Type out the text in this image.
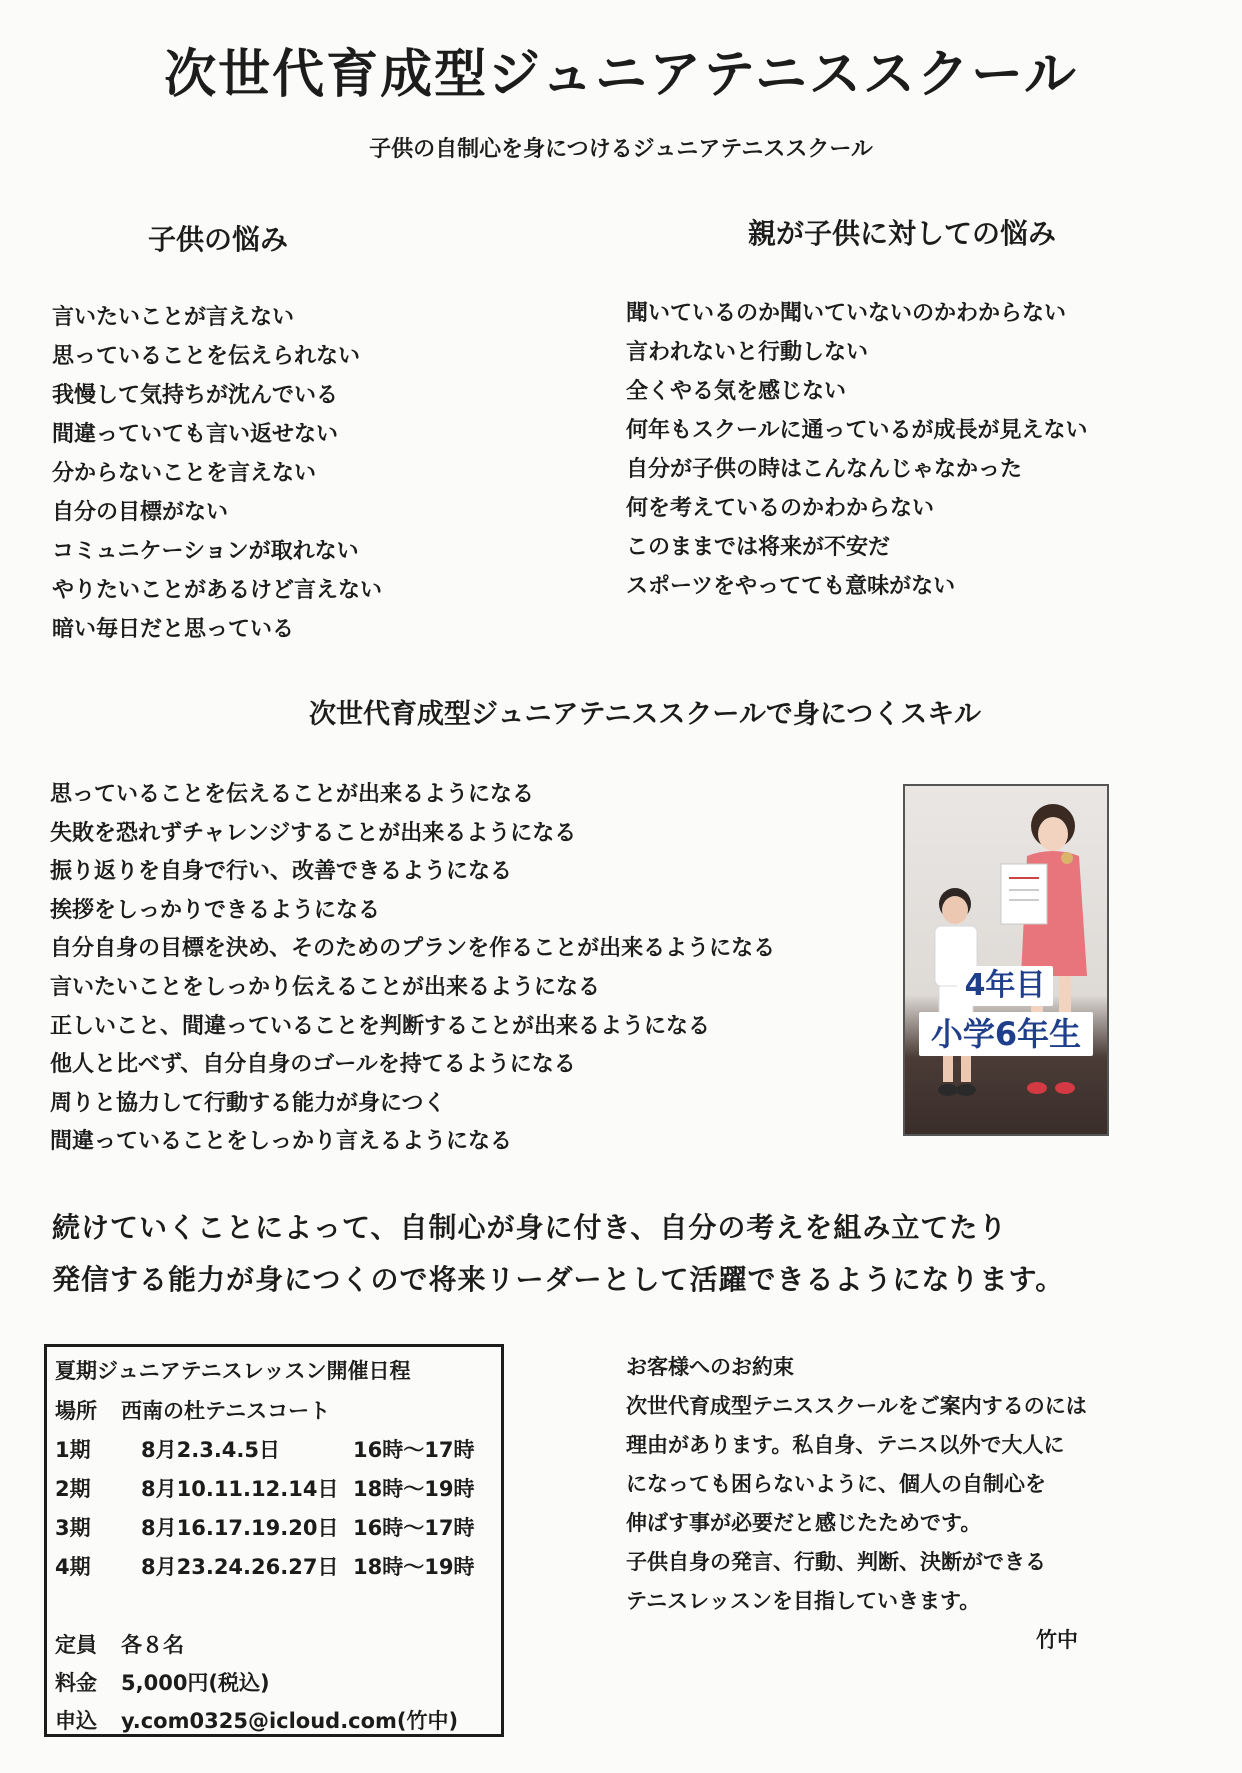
次世代育成型ジュニアテニススクール
子供の自制心を身につけるジュニアテニススクール
子供の悩み
言いたいことが言えない
思っていることを伝えられない
我慢して気持ちが沈んでいる
間違っていても言い返せない
分からないことを言えない
自分の目標がない
コミュニケーションが取れない
やりたいことがあるけど言えない
暗い毎日だと思っている
親が子供に対しての悩み
聞いているのか聞いていないのかわからない
言われないと行動しない
全くやる気を感じない
何年もスクールに通っているが成長が見えない
自分が子供の時はこんなんじゃなかった
何を考えているのかわからない
このままでは将来が不安だ
スポーツをやってても意味がない
次世代育成型ジュニアテニススクールで身につくスキル
思っていることを伝えることが出来るようになる
失敗を恐れずチャレンジすることが出来るようになる
振り返りを自身で行い、改善できるようになる
挨拶をしっかりできるようになる
自分自身の目標を決め、そのためのプランを作ることが出来るようになる
言いたいことをしっかり伝えることが出来るようになる
正しいこと、間違っていることを判断することが出来るようになる
他人と比べず、自分自身のゴールを持てるようになる
周りと協力して行動する能力が身につく
間違っていることをしっかり言えるようになる
4年目
小学6年生
続けていくことによって、自制心が身に付き、自分の考えを組み立てたり
発信する能力が身につくので将来リーダーとして活躍できるようになります。
夏期ジュニアテニスレッスン開催日程
場所 西南の杜テニスコート
1期 8月2.3.4.5日	16時～17時
2期 8月10.11.12.14日 18時～19時
3期 8月16.17.19.20日 16時～17時
4期 8月23.24.26.27日 18時～19時
定員 各８名
料金 5,000円(税込)
申込 y.com0325@icloud.com(竹中)

お客様へのお約束

次世代育成型テニススクールをご案内するのには

理由があります。私自身、テニス以外で大人に

になっても困らないように、個人の自制心を

伸ばす事が必要だと感じたためです。

子供自身の発言、行動、判断、決断ができる

テニスレッスンを目指していきます。

竹中
